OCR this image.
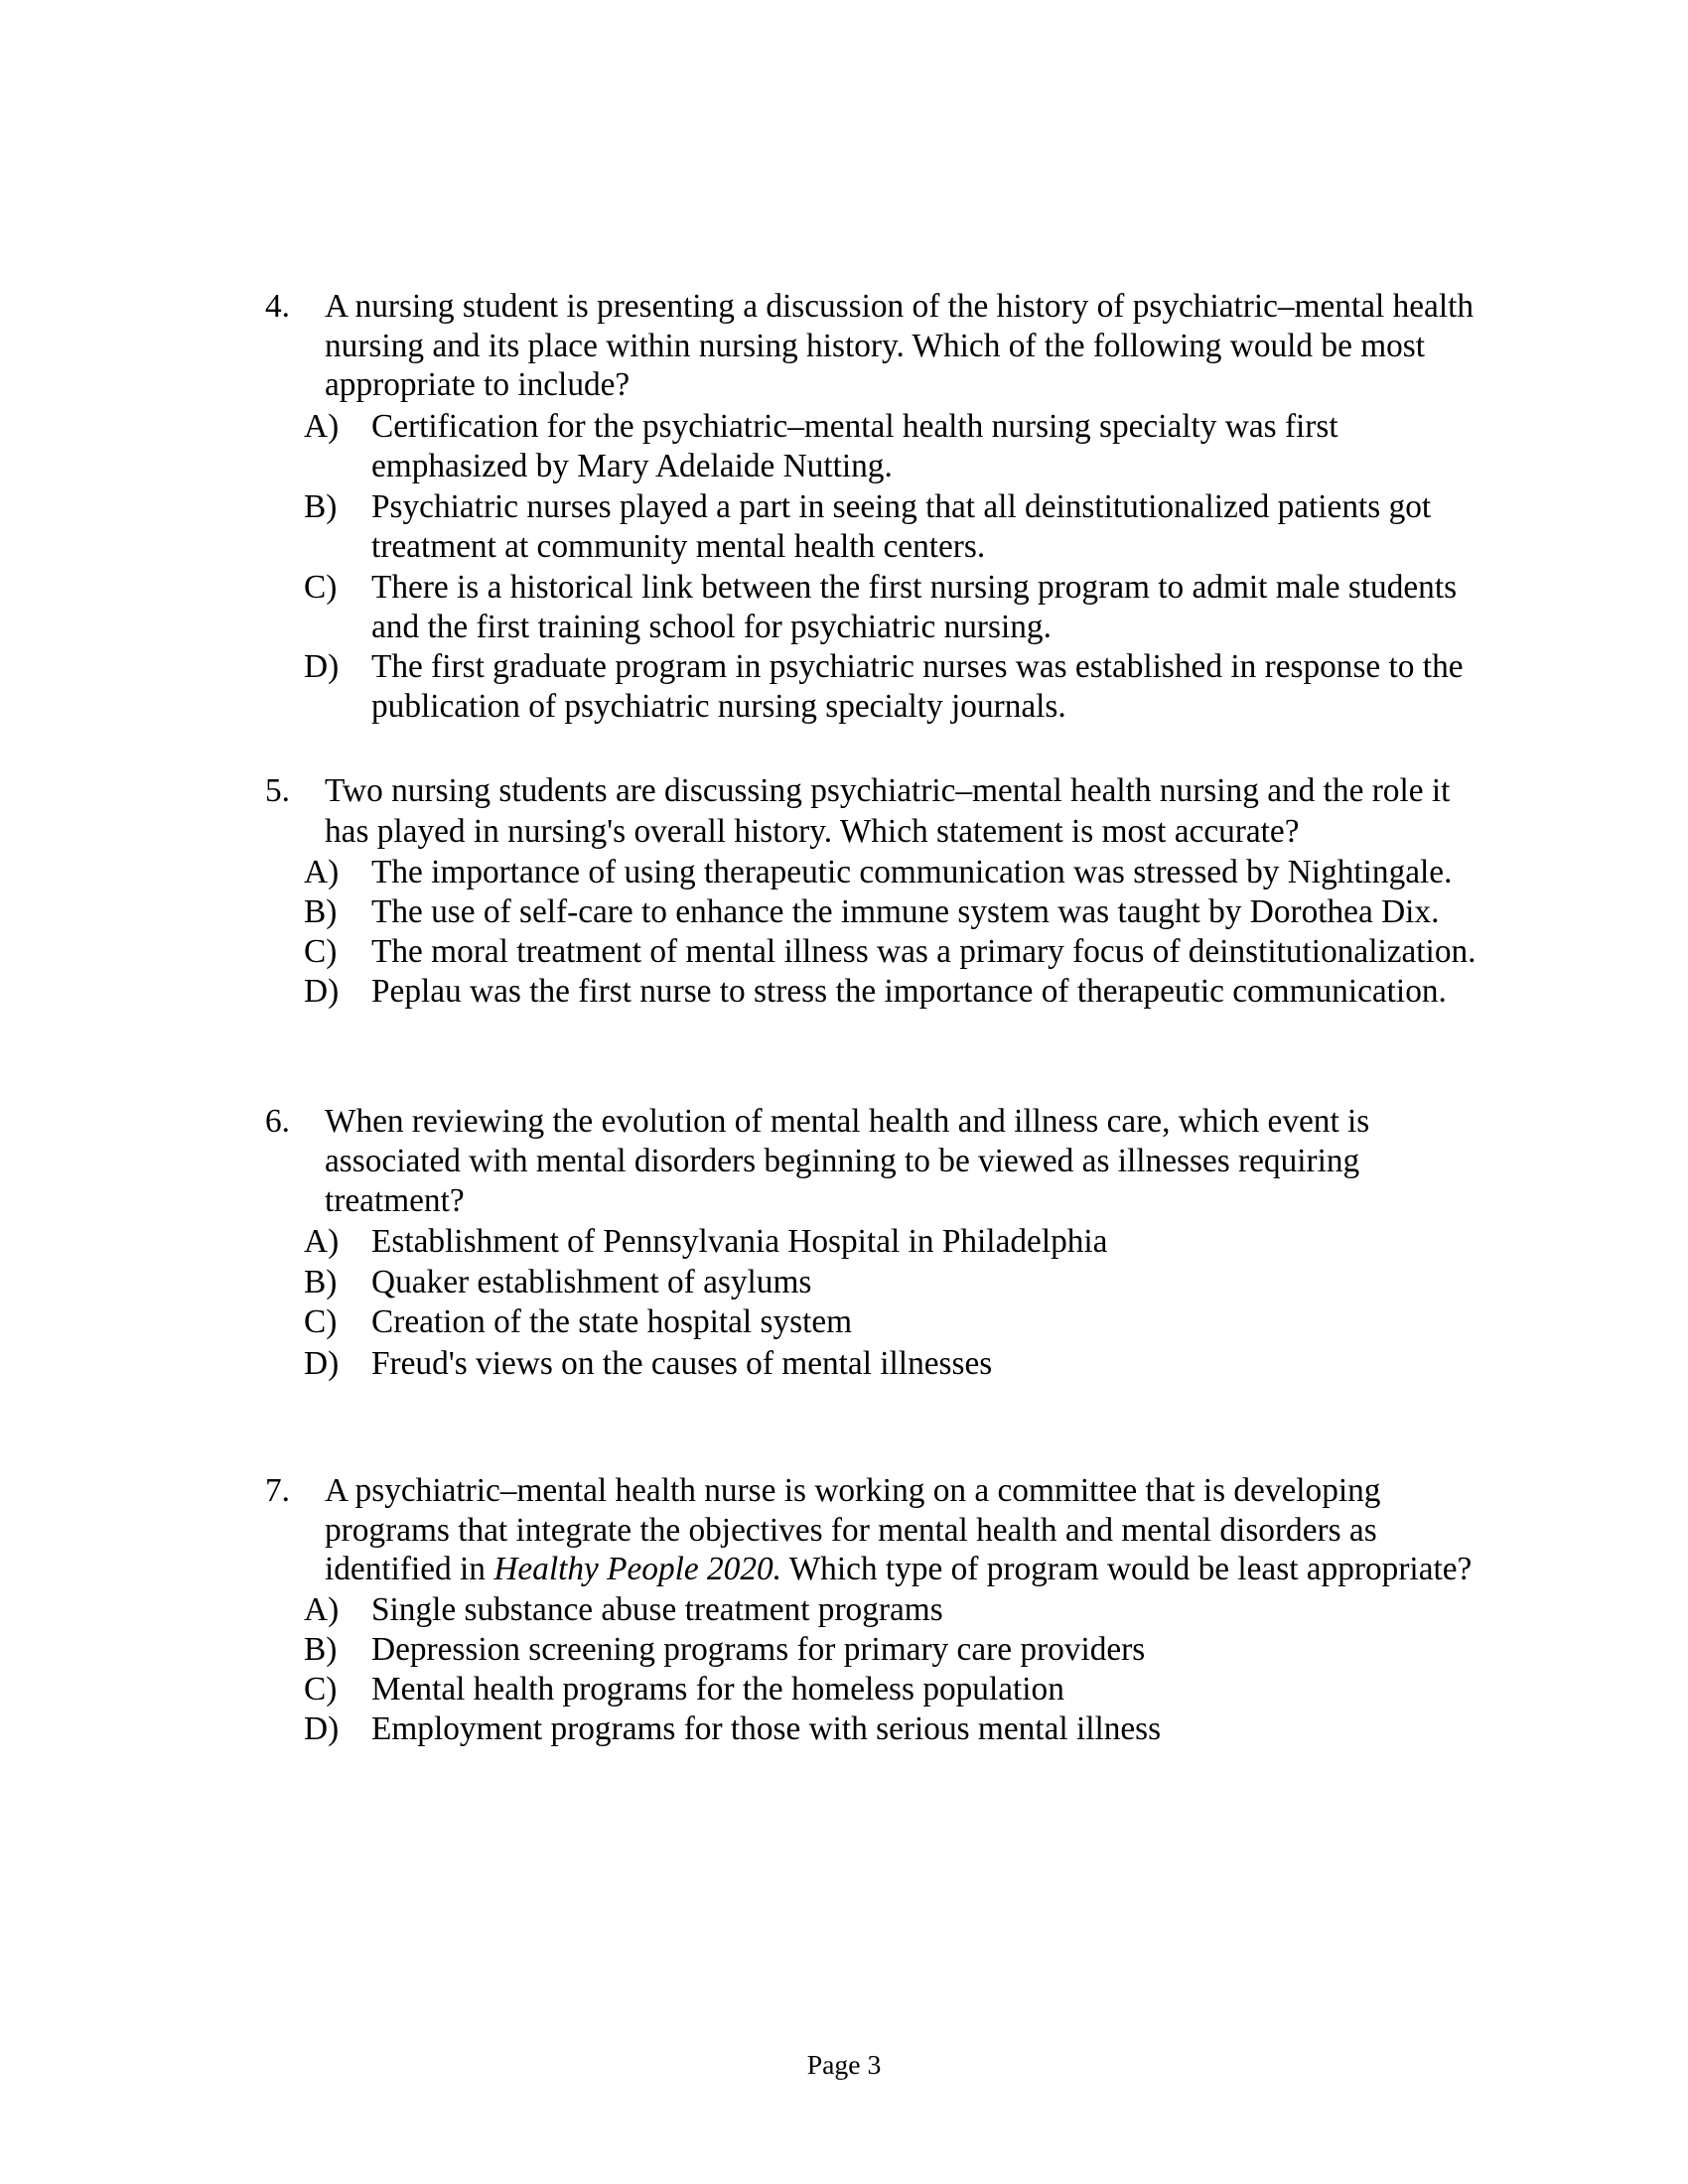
4. A nursing student is presenting a discussion of the history of psychiatric–mental health
nursing and its place within nursing history. Which of the following would be most
appropriate to include?
A) Certification for the psychiatric–mental health nursing specialty was first
emphasized by Mary Adelaide Nutting.
B) Psychiatric nurses played a part in seeing that all deinstitutionalized patients got
treatment at community mental health centers.
C) There is a historical link between the first nursing program to admit male students
and the first training school for psychiatric nursing.
D) The first graduate program in psychiatric nurses was established in response to the
publication of psychiatric nursing specialty journals.
5. Two nursing students are discussing psychiatric–mental health nursing and the role it
has played in nursing's overall history. Which statement is most accurate?
A) The importance of using therapeutic communication was stressed by Nightingale.
B) The use of self-care to enhance the immune system was taught by Dorothea Dix.
C) The moral treatment of mental illness was a primary focus of deinstitutionalization.
D) Peplau was the first nurse to stress the importance of therapeutic communication.
6. When reviewing the evolution of mental health and illness care, which event is
associated with mental disorders beginning to be viewed as illnesses requiring
treatment?
A) Establishment of Pennsylvania Hospital in Philadelphia
B) Quaker establishment of asylums
C) Creation of the state hospital system
D) Freud's views on the causes of mental illnesses
7. A psychiatric–mental health nurse is working on a committee that is developing
programs that integrate the objectives for mental health and mental disorders as
identified in Healthy People 2020. Which type of program would be least appropriate?
A) Single substance abuse treatment programs
B) Depression screening programs for primary care providers
C) Mental health programs for the homeless population
D) Employment programs for those with serious mental illness
Page 3
